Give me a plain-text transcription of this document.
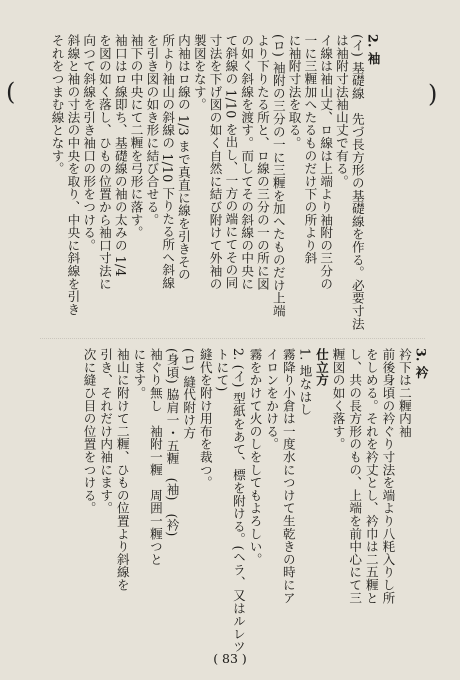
(	)
2. 袖
(イ) 基礎線　先づ長方形の基礎線を作る。必要寸法
は袖附寸法袖山丈で有る。
イ線は袖山丈、ロ線は上端より袖附の三分の
一に三糎加へたるものだけ下の所より斜
に袖附寸法を取る。
(ロ) 袖附の三分の一に三糎を加へたものだけ上端
より下りたる所と、ロ線の三分の一の所に図
の如く斜線を渡す。而してその斜線の中央に
て斜線の 1/10 を出し、一方の端にてその同
寸法を下げ図の如く自然に結び附けて外袖の
製図をなす。
内袖はロ線の 1/3 まで真直に線を引きその
所より袖山の斜線の 1/10 下りたる所へ斜線
を引き図の如き形に結び合せる。
袖下の中央にて二糎を弓形に落す。
袖口はロ線即ち、基礎線の袖の太みの 1/4
を図の如く落し、ひもの位置から袖口寸法に
向つて斜線を引き袖口の形をつける。
斜線と袖の寸法の中央を取り、中央に斜線を引き
それをつまむ線となす。
3. 衿
衿下は二糎内袖
前後身頃の衿ぐり寸法を端より八粍入りし所
をしめる。それを衿丈とし、衿巾は二五糎と
し、共の長方形のもの、上端を前中心にて三
糎図の如く落す。
仕立方
1. 地なはし
霧降り小倉は一度水につけて生乾きの時にア
イロンをかける。
霧をかけて火のしをしてもよろしい。
2. (イ) 型紙をあて、標を附ける。(ヘラ、又はルレツ
トにて)
縫代を附け用布を裁つ。
(ロ) 縫代附け方
(身頃) 脇肩一・五糎　(袖)　(衿)
袖ぐり無し　袖附一糎　周囲一糎つと
にます。
袖山に附けて二糎、ひもの位置より斜線を
引き、それだけ内袖にます。
次に縫ひ目の位置をつける。
( 83 )
